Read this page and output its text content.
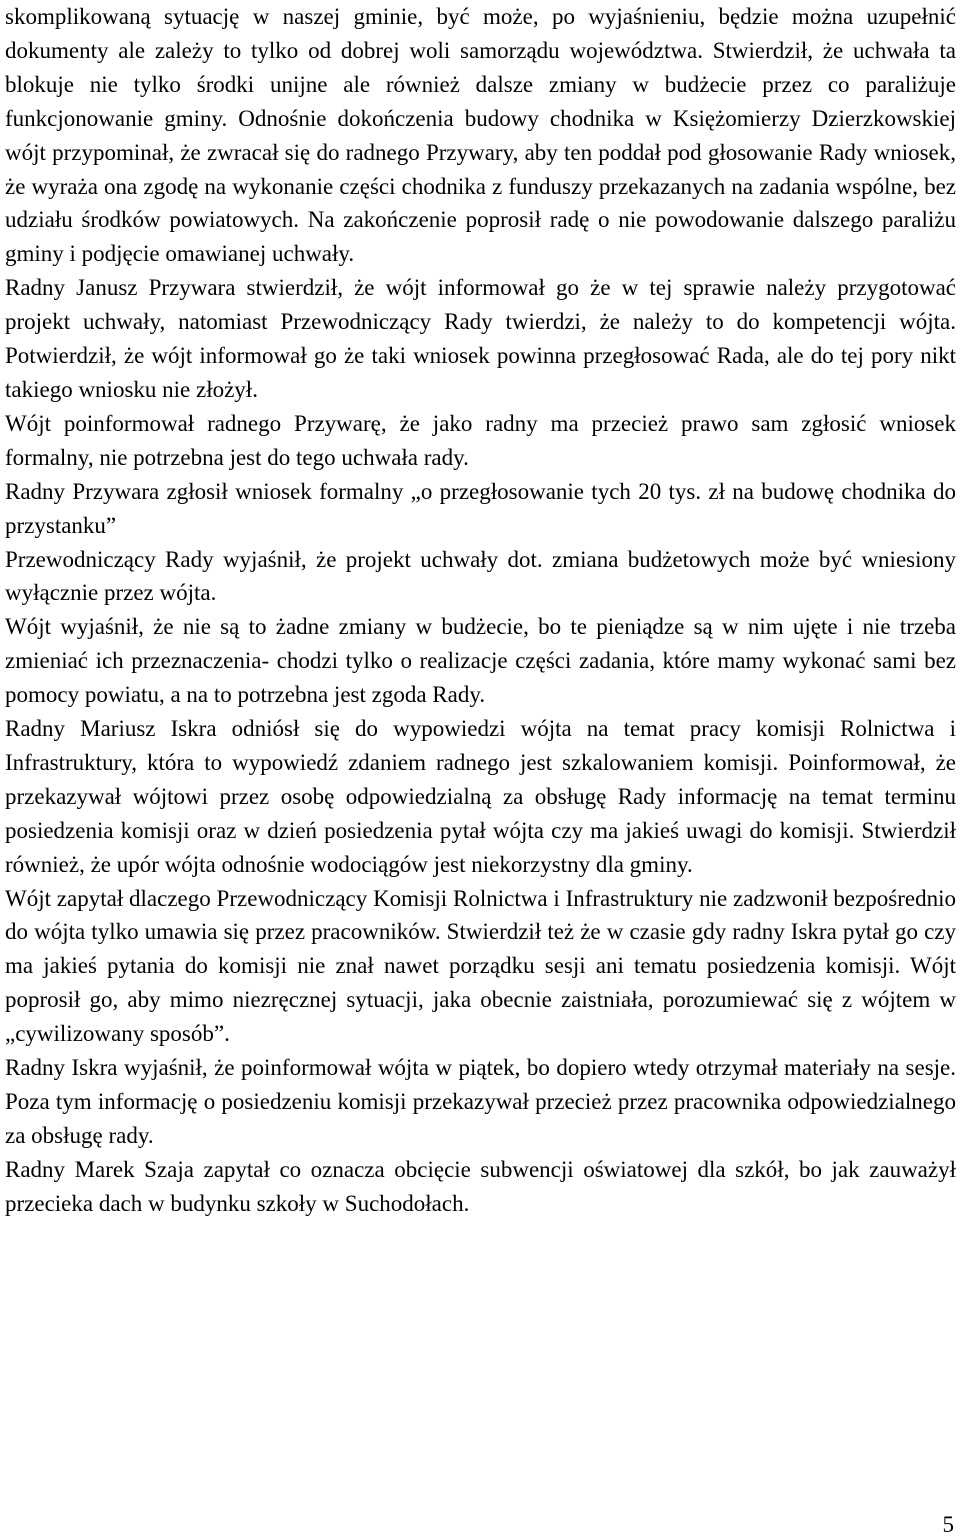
skomplikowaną sytuację w naszej gminie, być może, po wyjaśnieniu, będzie można uzupełnić dokumenty ale zależy to tylko od dobrej woli samorządu województwa. Stwierdził, że uchwała ta blokuje nie tylko środki unijne ale również dalsze zmiany w budżecie przez co paraliżuje funkcjonowanie gminy. Odnośnie dokończenia budowy chodnika w Księżomierzy Dzierzkowskiej wójt przypominał, że zwracał się do radnego Przywary, aby ten poddał pod głosowanie Rady wniosek, że wyraża ona zgodę na wykonanie części chodnika z funduszy przekazanych na zadania wspólne, bez udziału środków powiatowych. Na zakończenie poprosił radę o nie powodowanie dalszego paraliżu gminy i podjęcie omawianej uchwały.

Radny Janusz Przywara stwierdził, że wójt informował go że w tej sprawie należy przygotować projekt uchwały, natomiast Przewodniczący Rady twierdzi, że należy to do kompetencji wójta. Potwierdził, że wójt informował go że taki wniosek powinna przegłosować Rada, ale do tej pory nikt takiego wniosku nie złożył.

Wójt poinformował radnego Przywarę, że jako radny ma przecież prawo sam zgłosić wniosek formalny, nie potrzebna jest do tego uchwała rady.

Radny Przywara zgłosił wniosek formalny „o przegłosowanie tych 20 tys. zł na budowę chodnika do przystanku”

Przewodniczący Rady wyjaśnił, że projekt uchwały dot. zmiana budżetowych może być wniesiony wyłącznie przez wójta.

Wójt wyjaśnił, że nie są to żadne zmiany w budżecie, bo te pieniądze są w nim ujęte i nie trzeba zmieniać ich przeznaczenia- chodzi tylko o realizacje części zadania, które mamy wykonać sami bez pomocy powiatu, a na to potrzebna jest zgoda Rady.

Radny Mariusz Iskra odniósł się do wypowiedzi wójta na temat pracy komisji Rolnictwa i Infrastruktury, która to wypowiedź zdaniem radnego jest szkalowaniem komisji. Poinformował, że przekazywał wójtowi przez osobę odpowiedzialną za obsługę Rady informację na temat terminu posiedzenia komisji oraz w dzień posiedzenia pytał wójta czy ma jakieś uwagi do komisji. Stwierdził również, że upór wójta odnośnie wodociągów jest niekorzystny dla gminy.

Wójt zapytał dlaczego Przewodniczący Komisji Rolnictwa i Infrastruktury nie zadzwonił bezpośrednio do wójta tylko umawia się przez pracowników. Stwierdził też że w czasie gdy radny Iskra pytał go czy ma jakieś pytania do komisji nie znał nawet porządku sesji ani tematu posiedzenia komisji. Wójt poprosił go, aby mimo niezręcznej sytuacji, jaka obecnie zaistniała, porozumiewać się z wójtem w „cywilizowany sposób”.

Radny Iskra wyjaśnił, że poinformował wójta w piątek, bo dopiero wtedy otrzymał materiały na sesje. Poza tym informację o posiedzeniu komisji przekazywał przecież przez pracownika odpowiedzialnego za obsługę rady.

Radny Marek Szaja zapytał co oznacza obcięcie subwencji oświatowej dla szkół, bo jak zauważył przecieka dach w budynku szkoły w Suchodołach.

5
